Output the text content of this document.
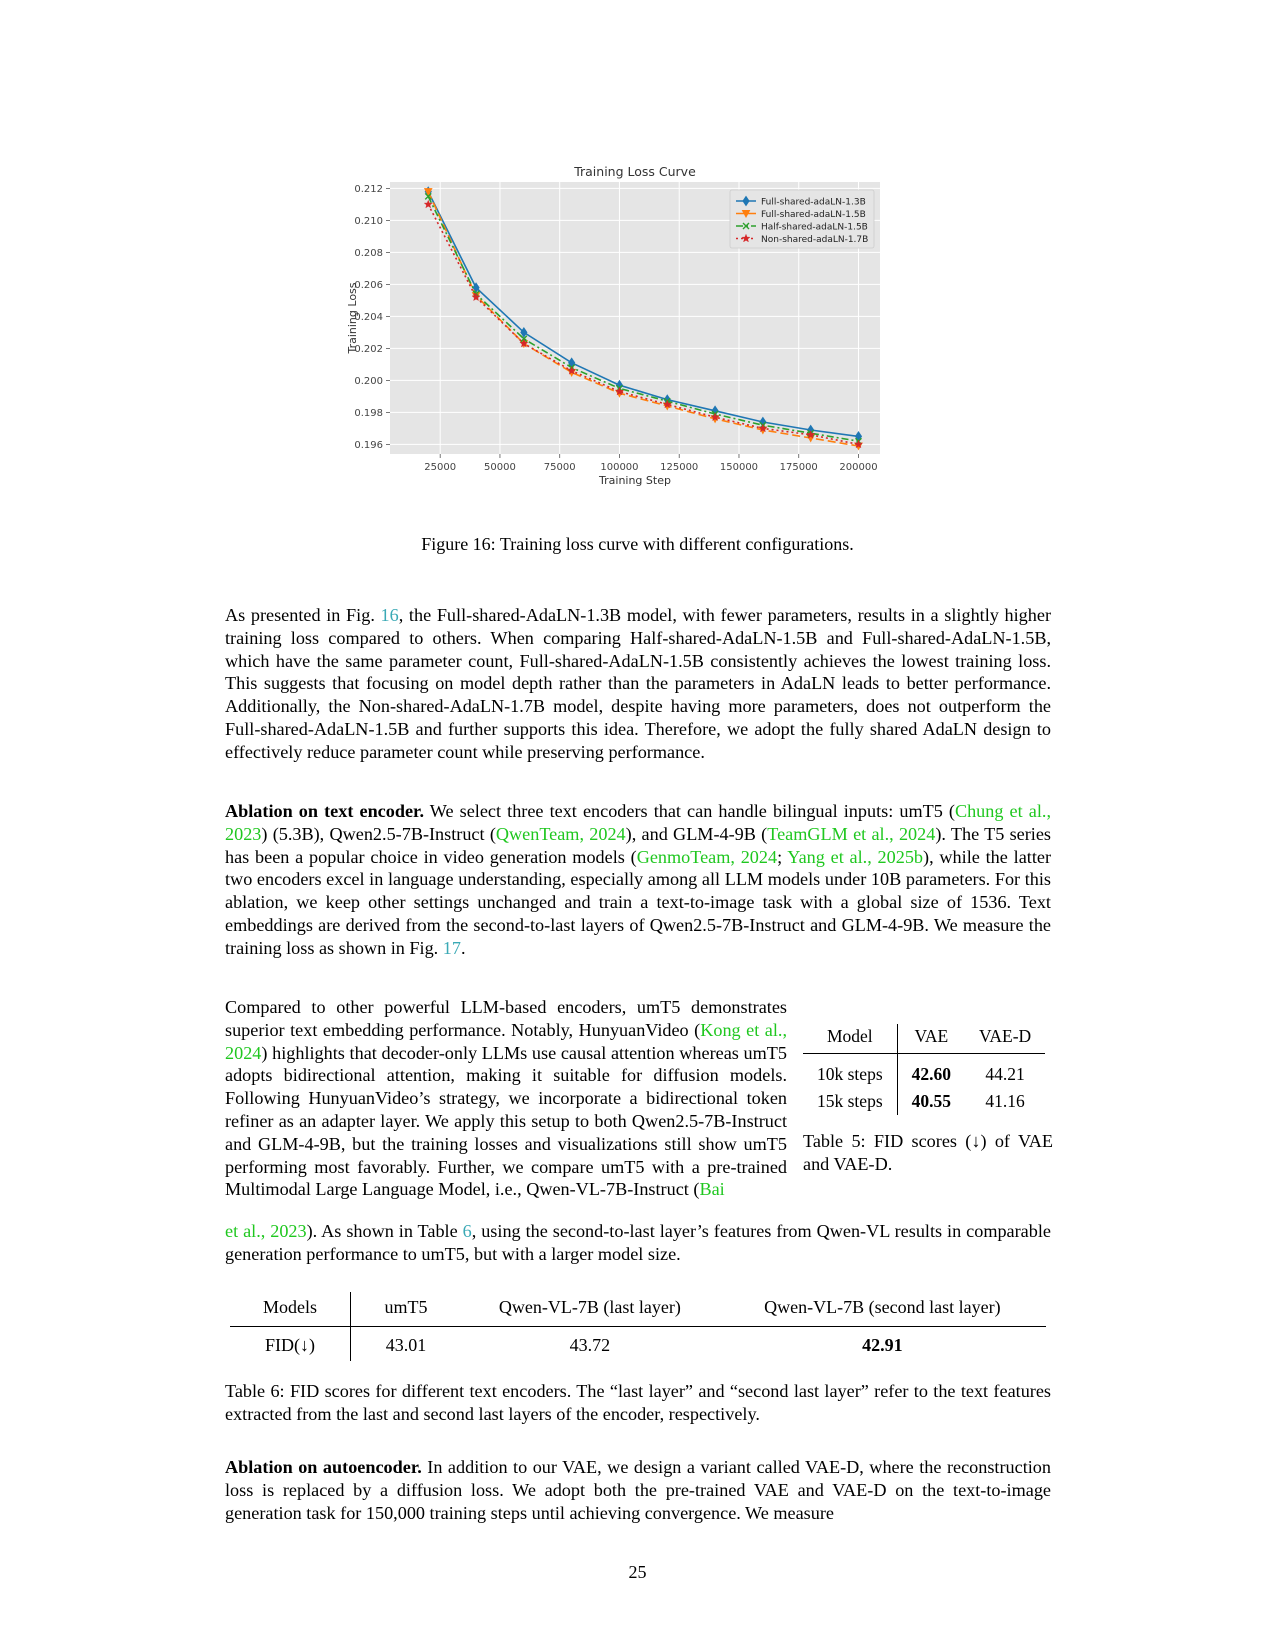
0.196
0.198
0.200
0.202
0.204
0.206
0.208
0.210
0.212
25000	50000	75000 100000 125000 150000 175000 200000
Training Loss Curve
Training Step
Training Loss
Full-shared-adaLN-1.3B
Full-shared-adaLN-1.5B
Half-shared-adaLN-1.5B
Non-shared-adaLN-1.7B
Figure 16: Training loss curve with different configurations.
As presented in Fig. 16, the Full-shared-AdaLN-1.3B model, with fewer parameters, results in a slightly higher training loss compared to others. When comparing Half-shared-AdaLN-1.5B and Full-shared-AdaLN-1.5B, which have the same parameter count, Full-shared-AdaLN-1.5B consistently achieves the lowest training loss. This suggests that focusing on model depth rather than the parameters in AdaLN leads to better performance. Additionally, the Non-shared-AdaLN-1.7B model, despite having more parameters, does not outperform the Full-shared-AdaLN-1.5B and further supports this idea. Therefore, we adopt the fully shared AdaLN design to effectively reduce parameter count while preserving performance.
Ablation on text encoder. We select three text encoders that can handle bilingual inputs: umT5 (Chung et al., 2023) (5.3B), Qwen2.5-7B-Instruct (QwenTeam, 2024), and GLM-4-9B (TeamGLM et al., 2024). The T5 series has been a popular choice in video generation models (GenmoTeam, 2024; Yang et al., 2025b), while the latter two encoders excel in language understanding, especially among all LLM models under 10B parameters. For this ablation, we keep other settings unchanged and train a text-to-image task with a global size of 1536. Text embeddings are derived from the second-to-last layers of Qwen2.5-7B-Instruct and GLM-4-9B. We measure the training loss as shown in Fig. 17.
Compared to other powerful LLM-based encoders, umT5 demonstrates superior text embedding performance. Notably, HunyuanVideo (Kong et al., 2024) highlights that decoder-only LLMs use causal attention whereas umT5 adopts bidirectional attention, making it suitable for diffusion models. Following HunyuanVideo’s strategy, we incorporate a bidirectional token refiner as an adapter layer. We apply this setup to both Qwen2.5-7B-Instruct and GLM-4-9B, but the training losses and visualizations still show umT5 performing most favorably. Further, we compare umT5 with a pre-trained Multimodal Large Language Model, i.e., Qwen-VL-7B-Instruct (Bai
et al., 2023). As shown in Table 6, using the second-to-last layer’s features from Qwen-VL results in comparable generation performance to umT5, but with a larger model size.
Model	VAE	VAE-D
10k steps	42.60	44.21
15k steps	40.55	41.16
Table 5: FID scores (↓) of VAE and VAE-D.
Models	umT5	Qwen-VL-7B (last layer)	Qwen-VL-7B (second last layer)
FID(↓)	43.01	43.72	42.91
Table 6: FID scores for different text encoders. The “last layer” and “second last layer” refer to the text features extracted from the last and second last layers of the encoder, respectively.
Ablation on autoencoder. In addition to our VAE, we design a variant called VAE-D, where the reconstruction loss is replaced by a diffusion loss. We adopt both the pre-trained VAE and VAE-D on the text-to-image generation task for 150,000 training steps until achieving convergence. We measure
25
